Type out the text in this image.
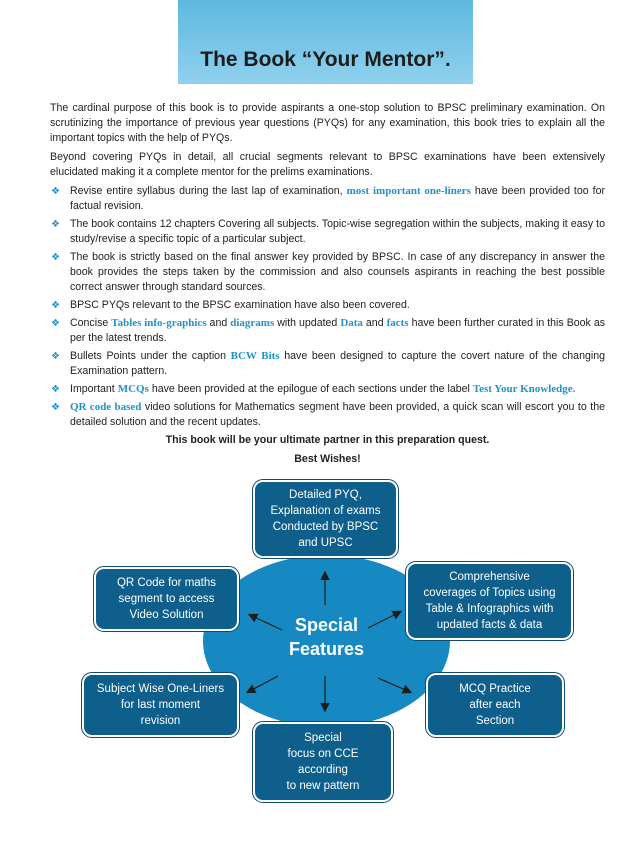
The Book “Your Mentor”.

The cardinal purpose of this book is to provide aspirants a one-stop solution to BPSC preliminary examination. On scrutinizing the importance of previous year questions (PYQs) for any examination, this book tries to explain all the important topics with the help of PYQs.

Beyond covering PYQs in detail, all crucial segments relevant to BPSC examinations have been extensively elucidated making it a complete mentor for the prelims examinations.

❖ Revise entire syllabus during the last lap of examination, most important one-liners have been provided too for factual revision.
❖ The book contains 12 chapters Covering all subjects. Topic-wise segregation within the subjects, making it easy to study/revise a specific topic of a particular subject.
❖ The book is strictly based on the final answer key provided by BPSC. In case of any discrepancy in answer the book provides the steps taken by the commission and also counsels aspirants in reaching the best possible correct answer through standard sources.
❖ BPSC PYQs relevant to the BPSC examination have also been covered.
❖ Concise Tables info-graphics and diagrams with updated Data and facts have been further curated in this Book as per the latest trends.
❖ Bullets Points under the caption BCW Bits have been designed to capture the covert nature of the changing Examination pattern.
❖ Important MCQs have been provided at the epilogue of each sections under the label Test Your Knowledge.
❖ QR code based video solutions for Mathematics segment have been provided, a quick scan will escort you to the detailed solution and the recent updates.

This book will be your ultimate partner in this preparation quest.

Best Wishes!

Special
Features
Detailed PYQ,
Explanation of exams
Conducted by BPSC
and UPSC
QR Code for maths
segment to access
Video Solution
Comprehensive
coverages of Topics using
Table & Infographics with
updated facts & data
Subject Wise One-Liners
for last moment
revision
MCQ Practice
after each
Section
Special
focus on CCE
according
to new pattern
